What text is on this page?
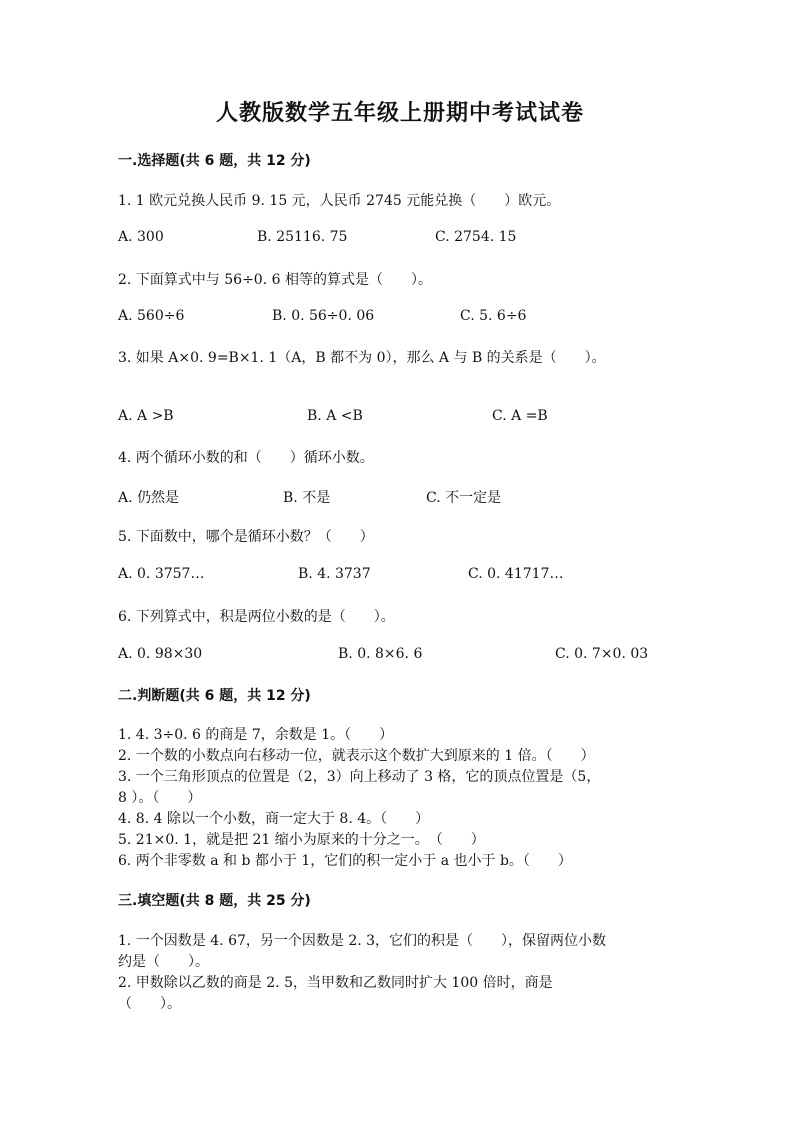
人教版数学五年级上册期中考试试卷
一.选择题(共 6 题，共 12 分)
1. 1 欧元兑换人民币 9. 15 元，人民币 2745 元能兑换（　　）欧元。
A. 300	B. 25116. 75	C. 2754. 15
2. 下面算式中与 56÷0. 6 相等的算式是（　　）。
A. 560÷6	B. 0. 56÷0. 06	C. 5. 6÷6
3. 如果 A×0. 9=B×1. 1（A，B 都不为 0），那么 A 与 B 的关系是（　　）。
A. A >B	B. A <B	C. A =B
4. 两个循环小数的和（　　）循环小数。
A. 仍然是	B. 不是	C. 不一定是
5. 下面数中，哪个是循环小数？（　　）
A. 0. 3757…	B. 4. 3737	C. 0. 41717…
6. 下列算式中，积是两位小数的是（　　）。
A. 0. 98×30	B. 0. 8×6. 6	C. 0. 7×0. 03
二.判断题(共 6 题，共 12 分)
1. 4. 3÷0. 6 的商是 7，余数是 1。（　　）
2. 一个数的小数点向右移动一位，就表示这个数扩大到原来的 1 倍。（　　）
3. 一个三角形顶点的位置是（2，3）向上移动了 3 格，它的顶点位置是（5，
8 ）。（　　）
4. 8. 4 除以一个小数，商一定大于 8. 4。（　　）
5. 21×0. 1，就是把 21 缩小为原来的十分之一。　（　　）
6. 两个非零数 a 和 b 都小于 1，它们的积一定小于 a 也小于 b。（　　）
三.填空题(共 8 题，共 25 分)
1. 一个因数是 4. 67，另一个因数是 2. 3，它们的积是（　　），保留两位小数
约是（　　）。
2. 甲数除以乙数的商是 2. 5，当甲数和乙数同时扩大 100 倍时，商是
（　　）。
